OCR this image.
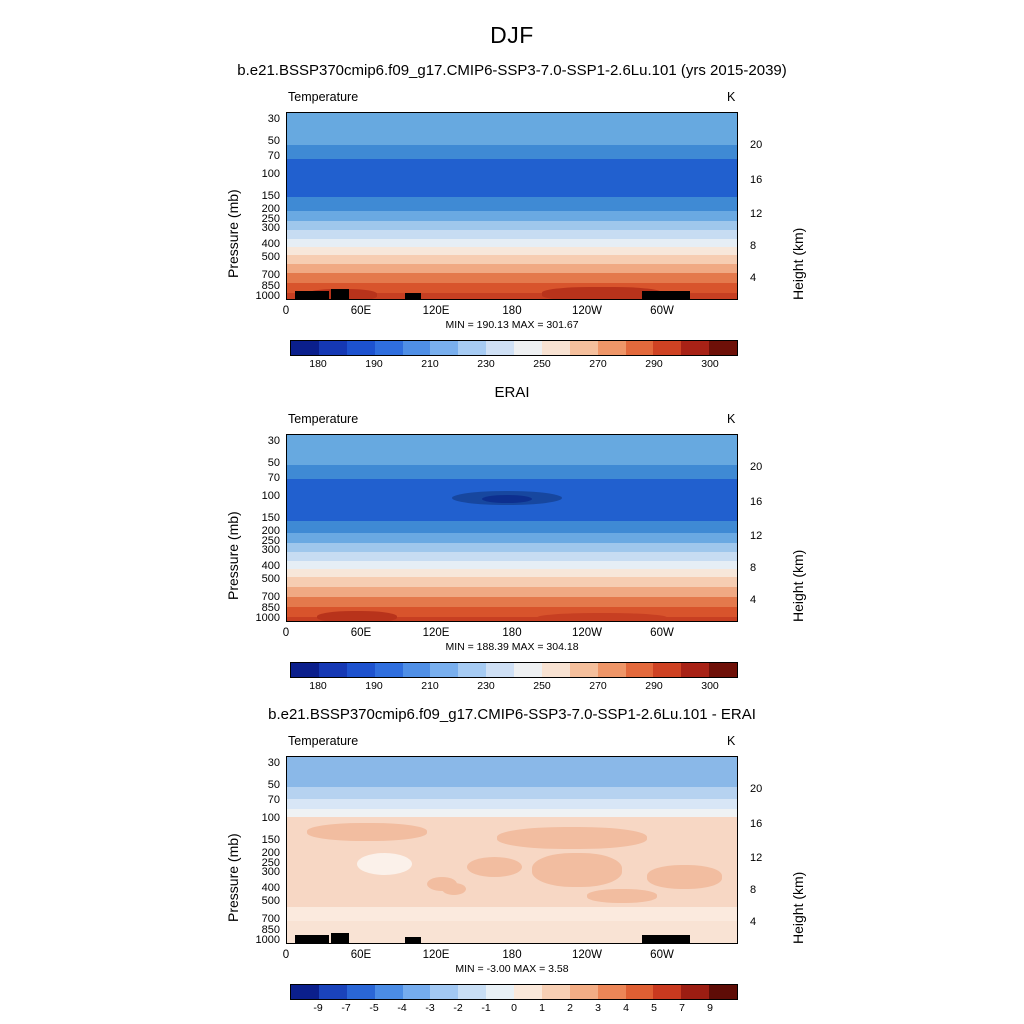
DJF
b.e21.BSSP370cmip6.f09_g17.CMIP6-SSP3-7.0-SSP1-2.6Lu.101 (yrs 2015-2039)
Temperature	K
Pressure (mb)	Height (km)
30
50
70
100
150
200
250
300
400
500
700
850
1000
20
16
12
8
4
0	60E	120E	180	120W	60W
MIN = 190.13 MAX = 301.67
180	190	210	230	250	270	290	300
ERAI
Temperature	K
Pressure (mb)	Height (km)
30
50
70
100
150
200
250
300
400
500
700
850
1000
20
16
12
8
4
0	60E	120E	180	120W	60W
MIN = 188.39 MAX = 304.18
180	190	210	230	250	270	290	300
b.e21.BSSP370cmip6.f09_g17.CMIP6-SSP3-7.0-SSP1-2.6Lu.101 - ERAI
Temperature	K
Pressure (mb)	Height (km)
30
50
70
100
150
200
250
300
400
500
700
850
1000
20
16
12
8
4
0	60E	120E	180	120W	60W
MIN = -3.00 MAX = 3.58
-9 -7 -5 -4 -3 -2 -1 0 1 2 3 4 5 7 9
